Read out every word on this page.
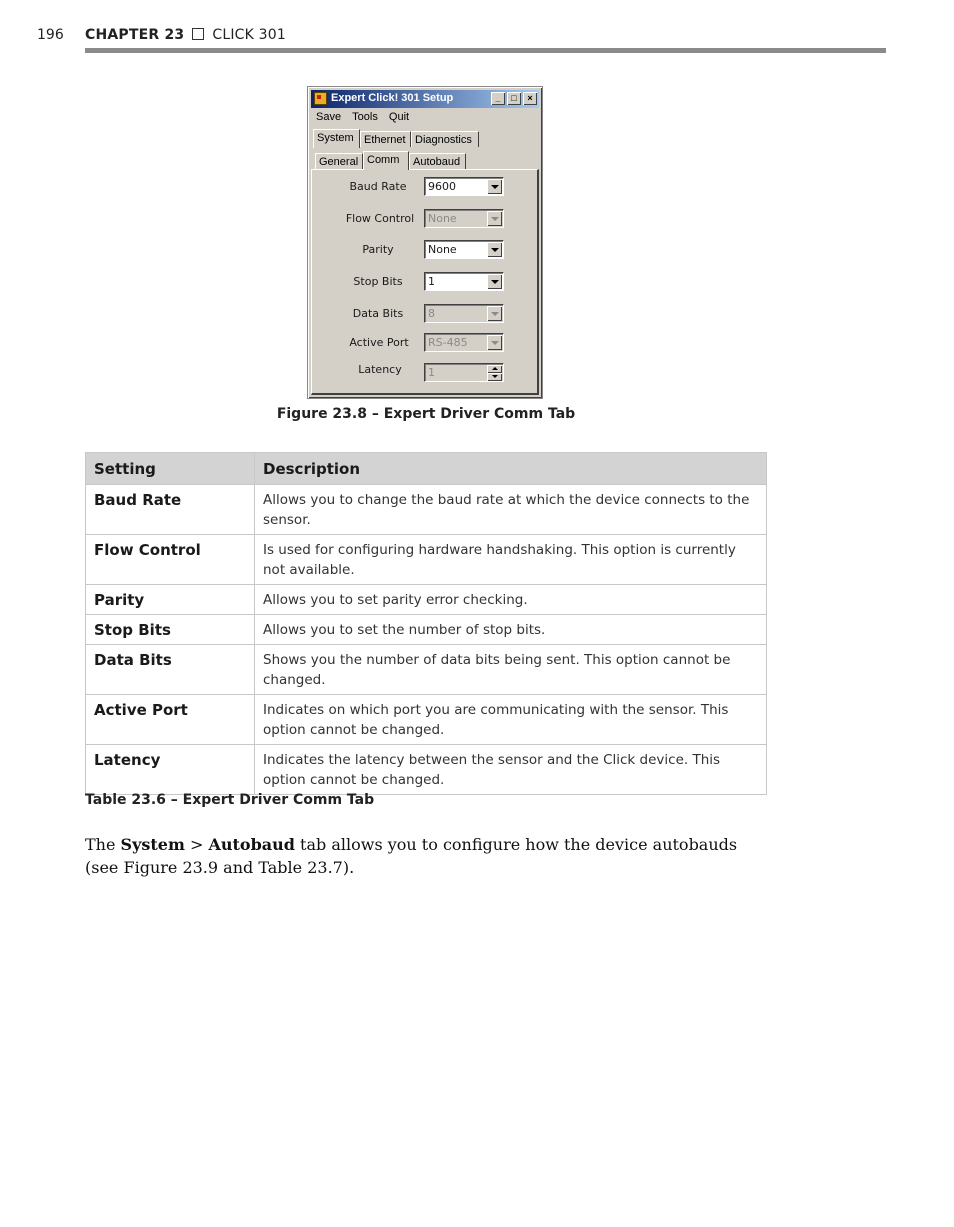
196 CHAPTER 23 CLICK 301
Expert Click! 301 Setup	_	□	×
Save Tools Quit
System Ethernet Diagnostics
General Comm	Autobaud
Baud Rate	9600
Flow Control	None
Parity	None
Stop Bits	1
Data Bits	8
Active Port	RS-485
Latency	1
Figure 23.8 – Expert Driver Comm Tab
Setting	Description
Baud Rate	Allows you to change the baud rate at which the device connects to the sensor.
Flow Control	Is used for configuring hardware handshaking. This option is currently not available.
Parity	Allows you to set parity error checking.
Stop Bits	Allows you to set the number of stop bits.
Data Bits	Shows you the number of data bits being sent. This option cannot be changed.
Active Port	Indicates on which port you are communicating with the sensor. This option cannot be changed.
Latency	Indicates the latency between the sensor and the Click device. This option cannot be changed.
Table 23.6 – Expert Driver Comm Tab

The System > Autobaud tab allows you to configure how the device autobauds (see Figure 23.9 and Table 23.7).
